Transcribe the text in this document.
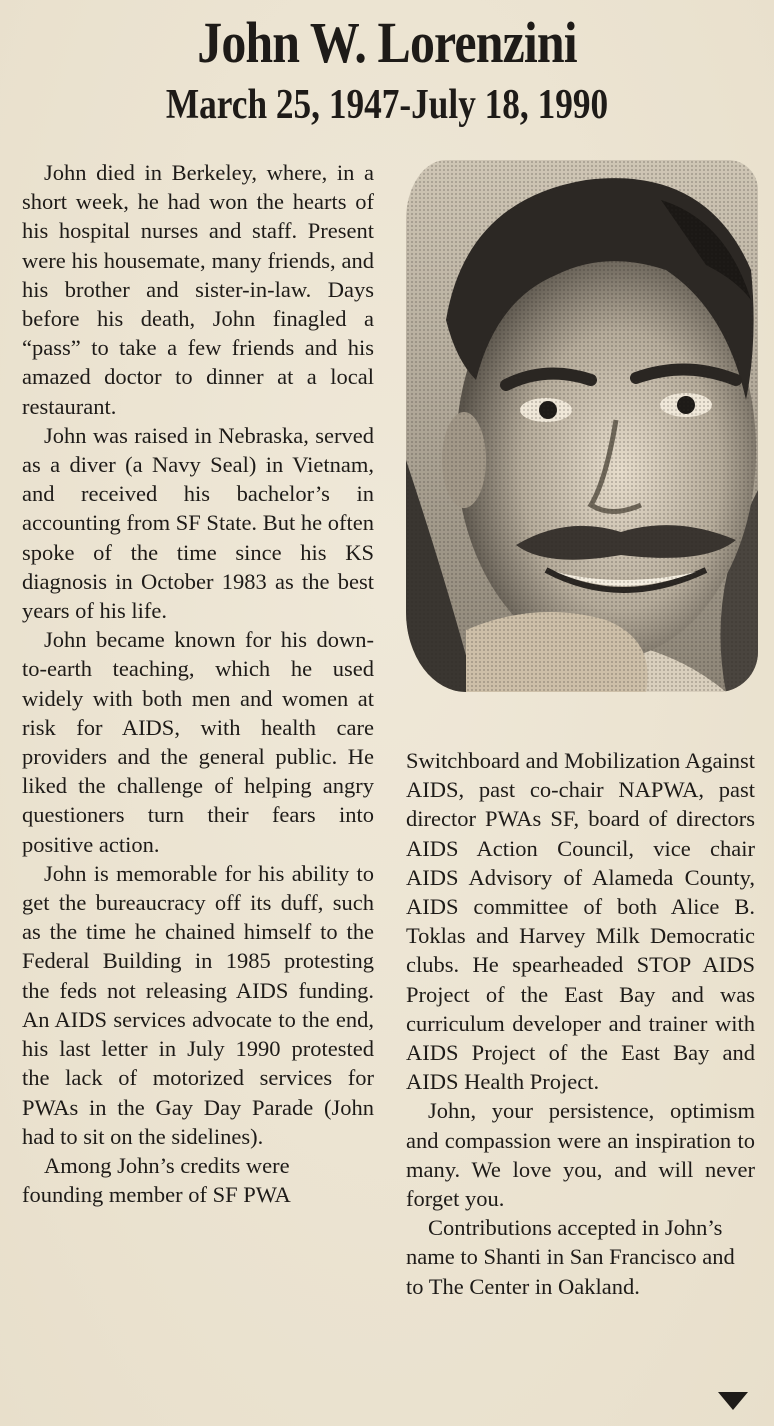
John W. Lorenzini
March 25, 1947-July 18, 1990

John died in Berkeley, where, in a short week, he had won the hearts of his hospital nurses and staff. Present were his housemate, many friends, and his brother and sister-in-law. Days before his death, John finagled a “pass” to take a few friends and his amazed doctor to dinner at a local restaurant.

John was raised in Nebraska, served as a diver (a Navy Seal) in Vietnam, and received his bachelor’s in accounting from SF State. But he often spoke of the time since his KS diagnosis in October 1983 as the best years of his life.

John became known for his down-to-earth teaching, which he used widely with both men and women at risk for AIDS, with health care providers and the general public. He liked the challenge of helping angry questioners turn their fears into positive action.

John is memorable for his ability to get the bureaucracy off its duff, such as the time he chained himself to the Federal Building in 1985 protesting the feds not releasing AIDS funding. An AIDS services advocate to the end, his last letter in July 1990 protested the lack of motorized services for PWAs in the Gay Day Parade (John had to sit on the sidelines).

Among John’s credits were founding member of SF PWA

Switchboard and Mobilization Against AIDS, past co-chair NAPWA, past director PWAs SF, board of directors AIDS Action Council, vice chair AIDS Advisory of Alameda County, AIDS committee of both Alice B. Toklas and Harvey Milk Democratic clubs. He spearheaded STOP AIDS Project of the East Bay and was curriculum developer and trainer with AIDS Project of the East Bay and AIDS Health Project.

John, your persistence, optimism and compassion were an inspiration to many. We love you, and will never forget you.

Contributions accepted in John’s name to Shanti in San Francisco and to The Center in Oakland.
